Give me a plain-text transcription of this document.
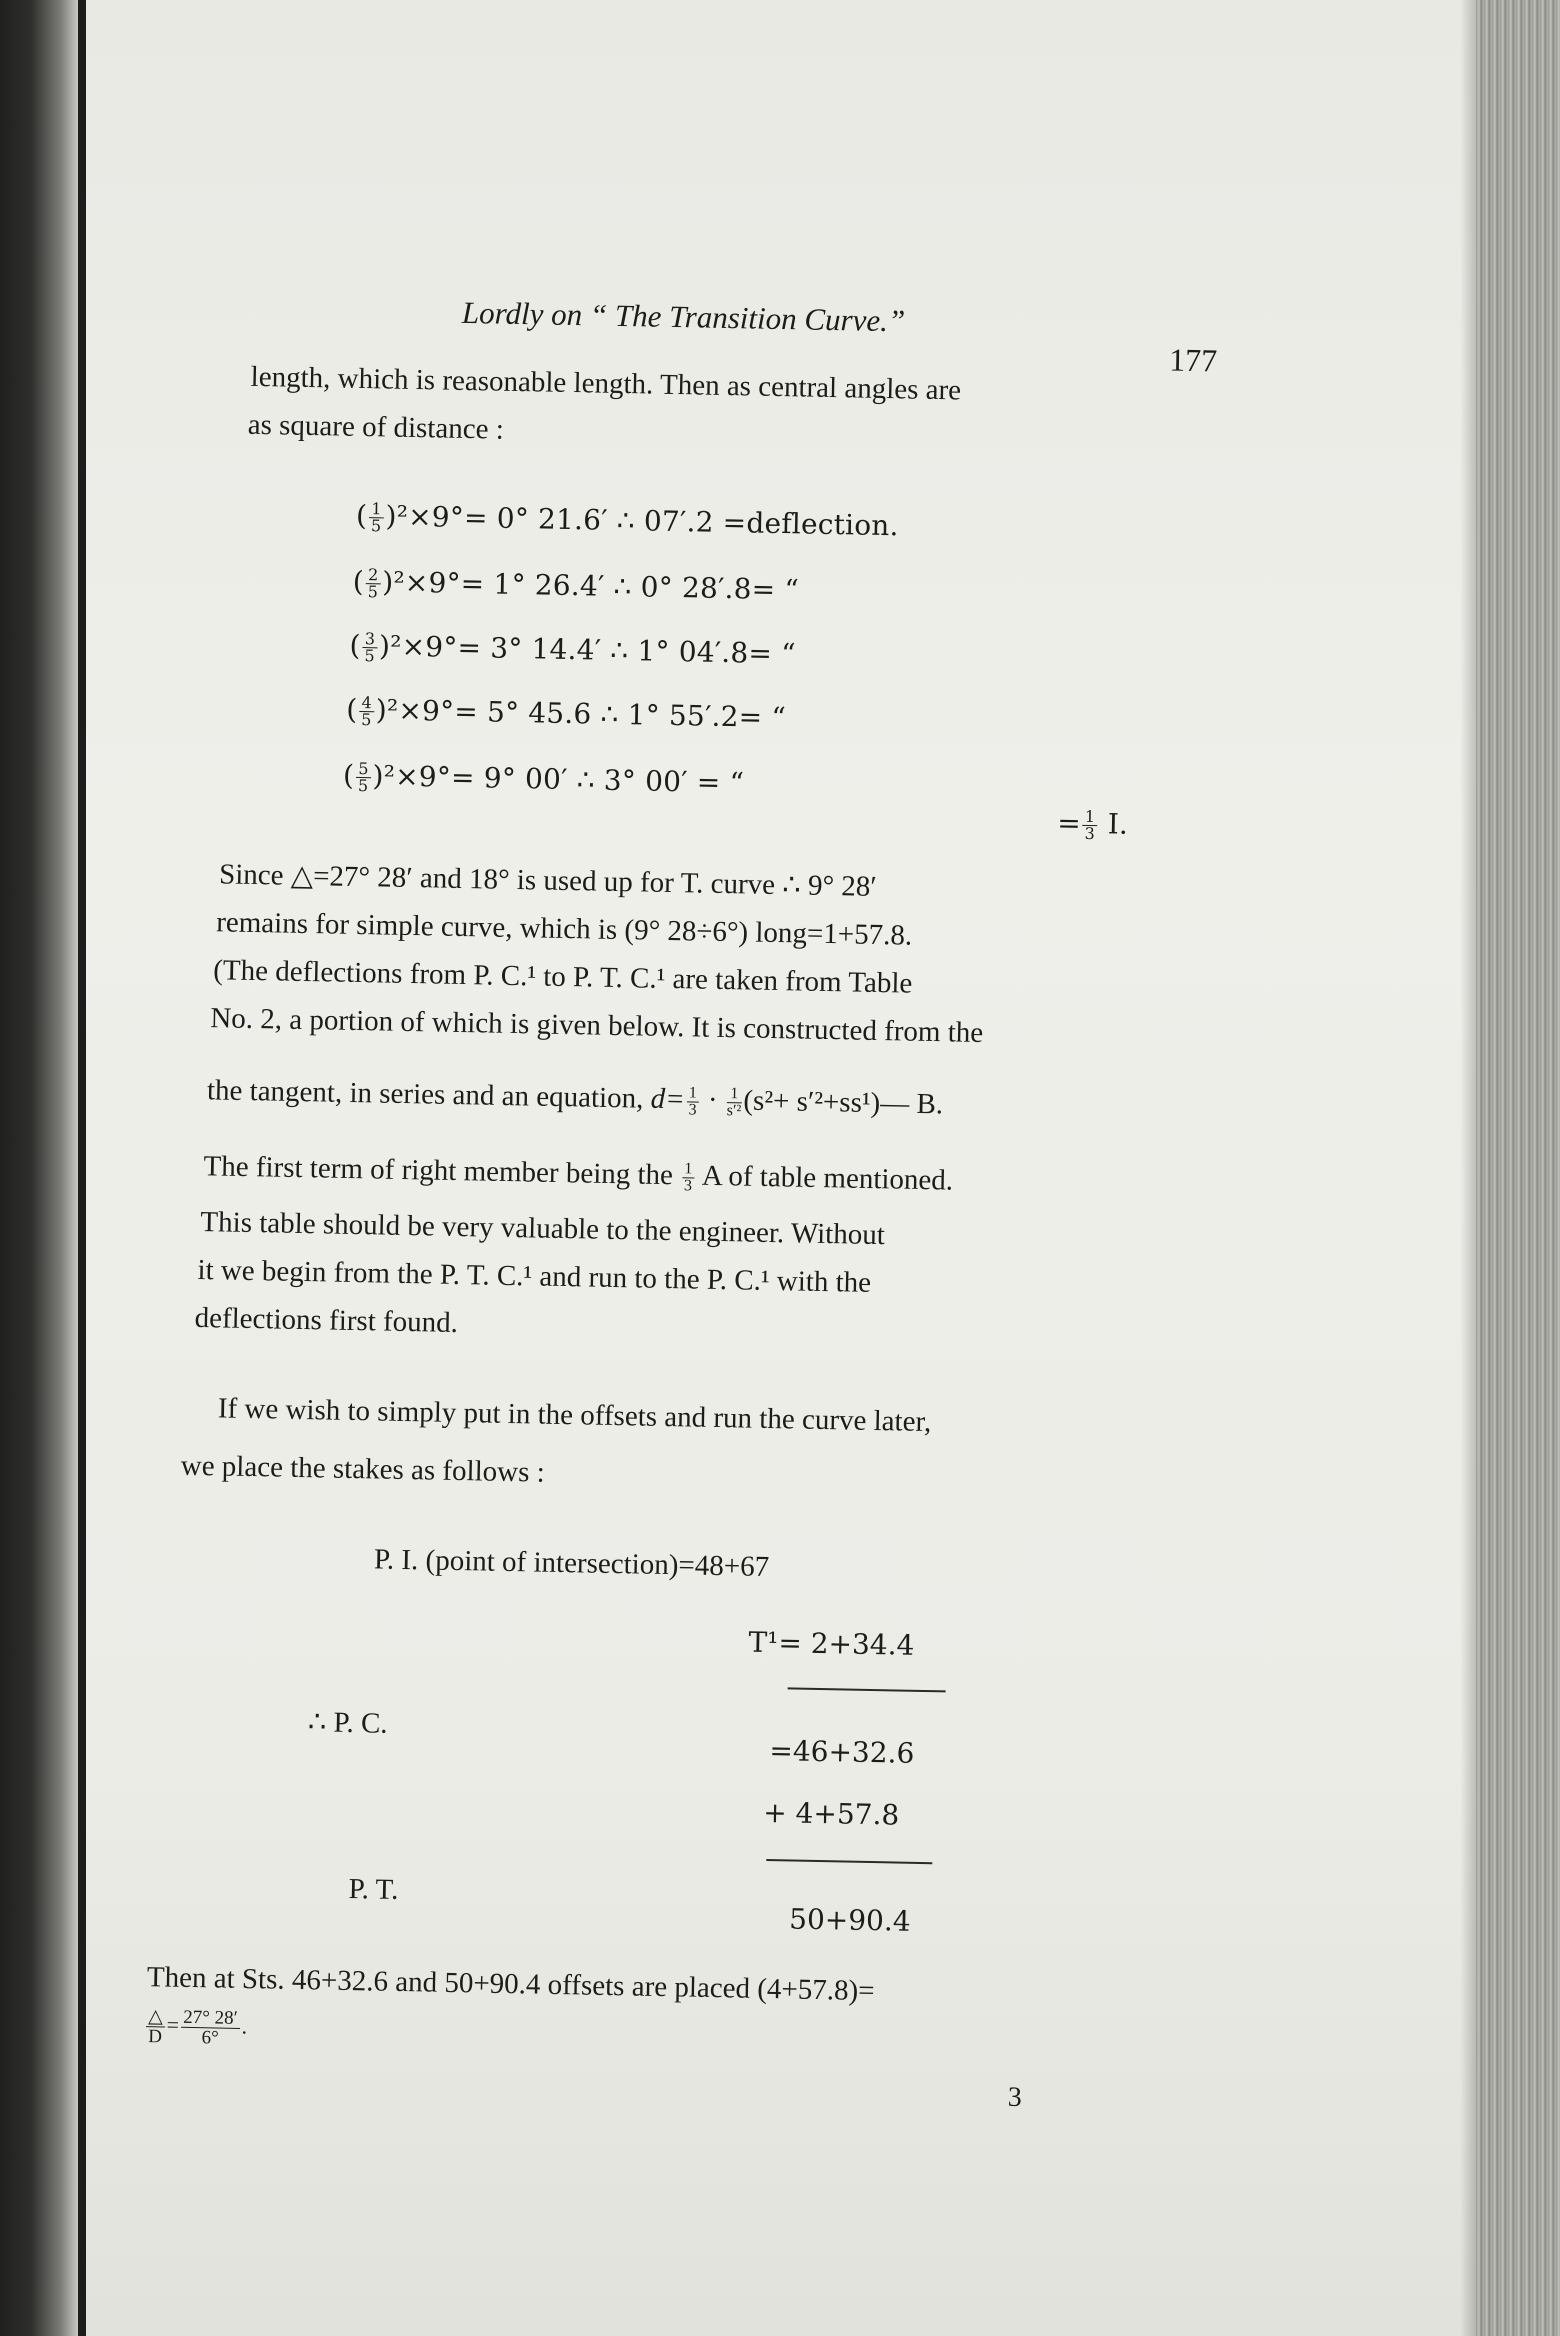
Lordly on “ The Transition Curve.”
177
length, which is reasonable length. Then as central angles are
as square of distance :
( $\frac{1}{5} )^2\times 9^\circ= 0^\circ$ 21.6′ ∴ 07′.2 =deflection.
( $\frac{2}{5} )^2\times 9^\circ= 1^\circ$ 26.4′ ∴ 0° 28′.8= “
( $\frac{3}{5} )^2\times 9^\circ= 3^\circ$ 14.4′ ∴ 1° 04′.8= “
( $\frac{4}{5} )^2\times 9^\circ= 5^\circ$ 45.6 ∴ 1° 55′.2= “
( $\frac{5}{5} )^2\times 9^\circ= 9^\circ$ 00′ ∴ 3° 00′ = “
= $\frac{1}{3} I$.
Since △=27° 28′ and 18° is used up for T. curve ∴ 9° 28′
remains for simple curve, which is (9° 28÷6°) long=1+57.8.
(The deflections from P. C.¹ to P. T. C.¹ are taken from Table
No. 2, a portion of which is given below. It is constructed from the
the tangent, in series and an equation, $d= \frac{1}{3} \cdot \frac{1}{\text{s′²}} (s^2+$ s′²+ss¹)— B.
The first term of right member being the $\frac{1}{3}$ A of table mentioned.
This table should be very valuable to the engineer. Without
it we begin from the P. T. C.¹ and run to the P. C.¹ with the
deflections first found.
If we wish to simply put in the offsets and run the curve later,
we place the stakes as follows :
P. I. (point of intersection)=48+67
T¹= 2+34.4
∴ P. C.
=46+32.6
+ 4+57.8
P. T.
50+90.4
Then at Sts. 46+32.6 and 50+90.4 offsets are placed (4+57.8)=
$\frac{\triangle}{D} = \frac{27^\circ 28'}{6^\circ}$ .
3
